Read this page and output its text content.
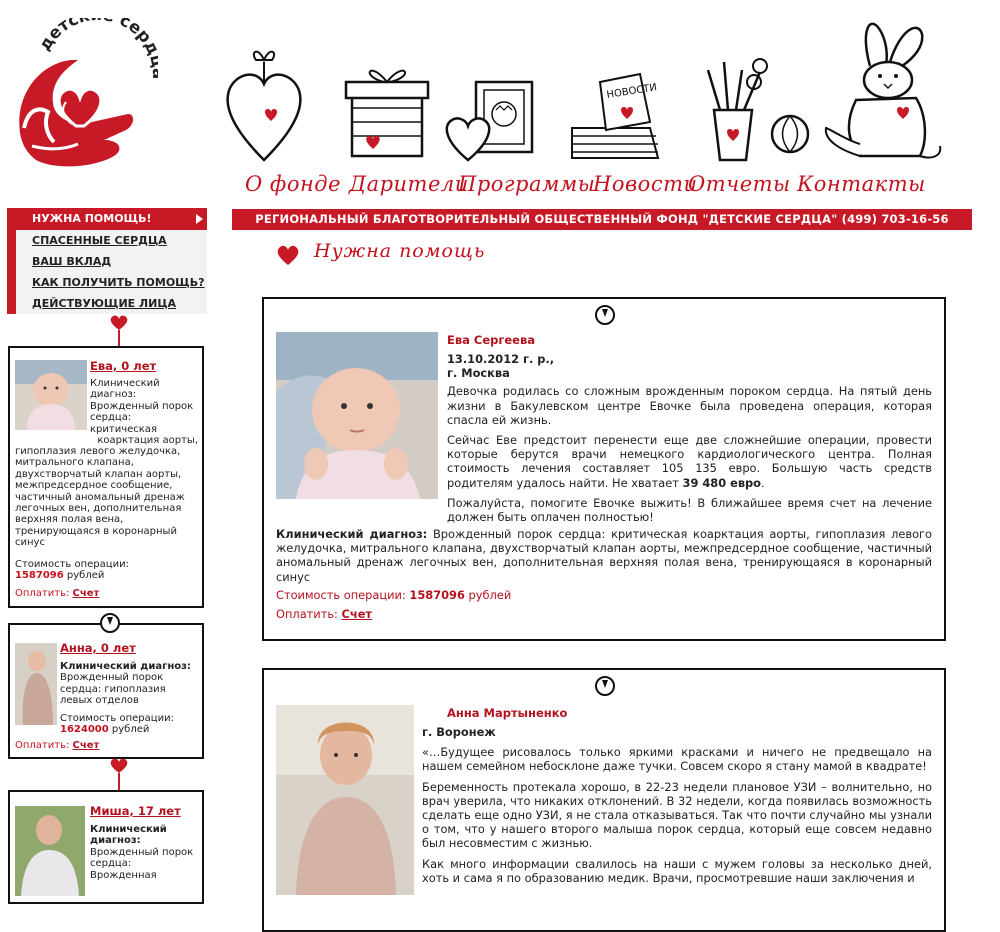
детс сер
НОВОСТИ
О фонде Дарители
Программы
Новости
Отчеты Контакты
РЕГИОНАЛЬНЫЙ БЛАГОТВОРИТЕЛЬНЫЙ ОБЩЕСТВЕННЫЙ ФОНД "ДЕТСКИЕ СЕРДЦА" (499) 703-16-56
НУЖНА ПОМОЩЬ!
СПАСЕННЫЕ СЕРДЦА
ВАШ ВКЛАД
КАК ПОЛУЧИТЬ ПОМОЩЬ?
ДЕЙСТВУЮЩИЕ ЛИЦА
Ева, 0 лет
Клинический
диагноз:
Врожденный порок
сердца:
критическая
коарктация аорты,
гипоплазия левого желудочка,
митрального клапана,
двухстворчатый клапан аорты,
межпредсердное сообщение,
частичный аномальный дренаж
легочных вен, дополнительная
верхняя полая вена,
тренирующаяся в коронарный
синус
Стоимость операции:
1587096 рублей
Оплатить: Счет
Анна, 0 лет
Клинический диагноз:
Врожденный порок
сердца: гипоплазия
левых отделов
Стоимость операции:
1624000 рублей
Оплатить: Счет
Миша, 17 лет
Клинический
диагноз:
Врожденный порок
сердца:
Врожденная
Нужна помощь
Ева Сергеева

13.10.2012 г. р.,

г. Москва

Девочка родилась со сложным врожденным пороком сердца. На пятый день жизни в Бакулевском центре Евочке была проведена операция, которая спасла ей жизнь.

Сейчас Еве предстоит перенести еще две сложнейшие операции, провести которые берутся врачи немецкого кардиологического центра. Полная стоимость лечения составляет 105 135 евро. Большую часть средств родителям удалось найти. Не хватает 39 480 евро.

Пожалуйста, помогите Евочке выжить! В ближайшее время счет на лечение должен быть оплачен полностью!

Клинический диагноз: Врожденный порок сердца: критическая коарктация аорты, гипоплазия левого желудочка, митрального клапана, двухстворчатый клапан аорты, межпредсердное сообщение, частичный аномальный дренаж легочных вен, дополнительная верхняя полая вена, тренирующаяся в коронарный синус

Стоимость операции: 1587096 рублей
Оплатить: Счет
Анна Мартыненко

г. Воронеж

«…Будущее рисовалось только яркими красками и ничего не предвещало на нашем семейном небосклоне даже тучки. Совсем скоро я стану мамой в квадрате!

Беременность протекала хорошо, в 22-23 недели плановое УЗИ – волнительно, но врач уверила, что никаких отклонений. В 32 недели, когда появилась возможность сделать еще одно УЗИ, я не стала отказываться. Так что почти случайно мы узнали о том, что у нашего второго малыша порок сердца, который еще совсем недавно был несовместим с жизнью.

Как много информации свалилось на наши с мужем головы за несколько дней, хоть и сама я по образованию медик. Врачи, просмотревшие наши заключения и
